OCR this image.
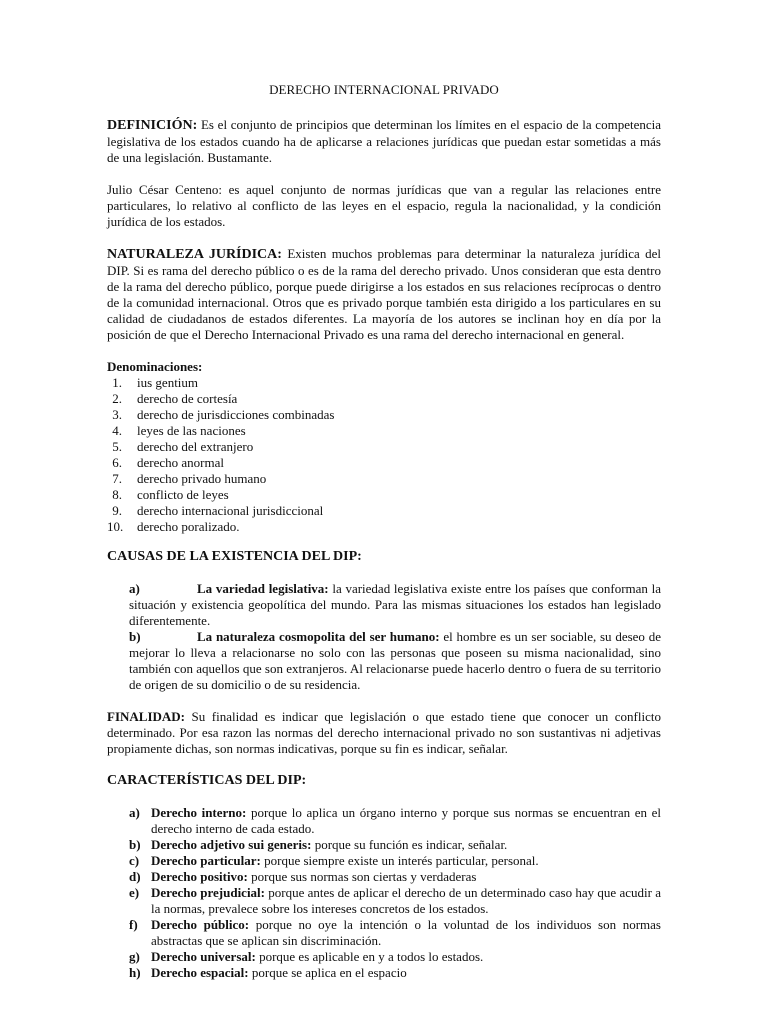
DERECHO INTERNACIONAL PRIVADO

DEFINICIÓN: Es el conjunto de principios que determinan los límites en el espacio de la competencia legislativa de los estados cuando ha de aplicarse a relaciones jurídicas que puedan estar sometidas a más de una legislación. Bustamante.

Julio César Centeno: es aquel conjunto de normas jurídicas que van a regular las relaciones entre particulares, lo relativo al conflicto de las leyes en el espacio, regula la nacionalidad, y la condición jurídica de los estados.

NATURALEZA JURÍDICA: Existen muchos problemas para determinar la naturaleza jurídica del DIP. Si es rama del derecho público o es de la rama del derecho privado. Unos consideran que esta dentro de la rama del derecho público, porque puede dirigirse a los estados en sus relaciones recíprocas o dentro de la comunidad internacional. Otros que es privado porque también esta dirigido a los particulares en su calidad de ciudadanos de estados diferentes. La mayoría de los autores se inclinan hoy en día por la posición de que el Derecho Internacional Privado es una rama del derecho internacional en general.

Denominaciones:
1.	ius gentium
2.	derecho de cortesía
3.	derecho de jurisdicciones combinadas
4.	leyes de las naciones
5.	derecho del extranjero
6.	derecho anormal
7.	derecho privado humano
8.	conflicto de leyes
9.	derecho internacional jurisdiccional
10.	derecho poralizado.
CAUSAS DE LA EXISTENCIA DEL DIP:
a)	La variedad legislativa: la variedad legislativa existe entre los países que conforman la situación y existencia geopolítica del mundo. Para las mismas situaciones los estados han legislado diferentemente.

b)	La naturaleza cosmopolita del ser humano: el hombre es un ser sociable, su deseo de mejorar lo lleva a relacionarse no solo con las personas que poseen su misma nacionalidad, sino también con aquellos que son extranjeros. Al relacionarse puede hacerlo dentro o fuera de su territorio de origen de su domicilio o de su residencia.

FINALIDAD: Su finalidad es indicar que legislación o que estado tiene que conocer un conflicto determinado. Por esa razon las normas del derecho internacional privado no son sustantivas ni adjetivas propiamente dichas, son normas indicativas, porque su fin es indicar, señalar.

CARACTERÍSTICAS DEL DIP:
a) Derecho interno: porque lo aplica un órgano interno y porque sus normas se encuentran en el derecho interno de cada estado.
b) Derecho adjetivo sui generis: porque su función es indicar, señalar.
c) Derecho particular: porque siempre existe un interés particular, personal.
d) Derecho positivo: porque sus normas son ciertas y verdaderas
e) Derecho prejudicial: porque antes de aplicar el derecho de un determinado caso hay que acudir a la normas, prevalece sobre los intereses concretos de los estados.
f) Derecho público: porque no oye la intención o la voluntad de los individuos son normas abstractas que se aplican sin discriminación.
g) Derecho universal: porque es aplicable en y a todos lo estados.
h) Derecho espacial: porque se aplica en el espacio
